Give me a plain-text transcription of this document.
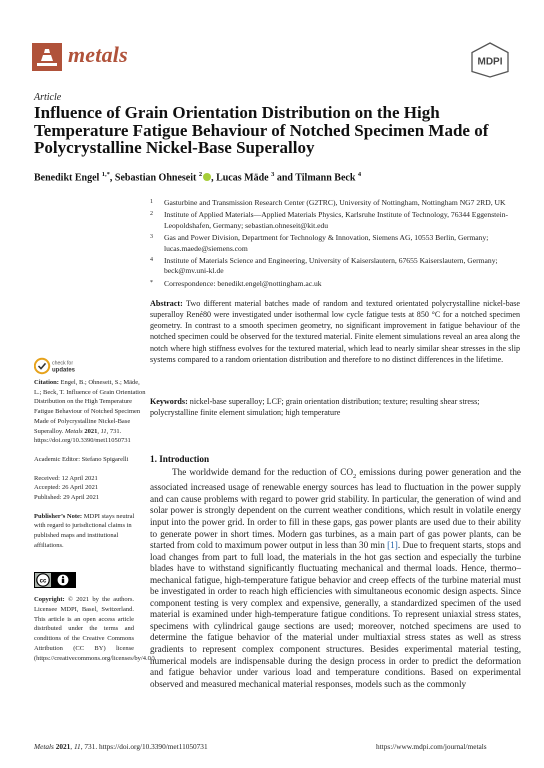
metals	MDPI
Article
Influence of Grain Orientation Distribution on the High Temperature Fatigue Behaviour of Notched Specimen Made of Polycrystalline Nickel-Base Superalloy
Benedikt Engel $^{1,*}$, Sebastian Ohneseit $^2$ , Lucas Mäde $^3$ and Tilmann Beck $^4$
1 Gasturbine and Transmission Research Center (G2TRC), University of Nottingham, Nottingham NG7 2RD, UK
2 Institute of Applied Materials—Applied Materials Physics, Karlsruhe Institute of Technology, 76344 Eggenstein-Leopoldshafen, Germany; sebastian.ohneseit@kit.edu
3 Gas and Power Division, Department for Technology & Innovation, Siemens AG, 10553 Berlin, Germany; lucas.maede@siemens.com
4 Institute of Materials Science and Engineering, University of Kaiserslautern, 67655 Kaiserslautern, Germany; beck@mv.uni-kl.de
* Correspondence: benedikt.engel@nottingham.ac.uk
Abstract: Two different material batches made of random and textured orientated polycrystalline nickel-base superalloy René80 were investigated under isothermal low cycle fatigue tests at 850 °C for a notched specimen geometry. In contrast to a smooth specimen geometry, no significant improvement in fatigue behaviour of the notched specimen could be observed for the textured material. Finite element simulations reveal an area along the notch where high stiffness evolves for the textured material, which lead to nearly similar shear stresses in the slip systems compared to a random orientation distribution and therefore to no distinct differences in the lifetime.
Keywords: nickel-base superalloy; LCF; grain orientation distribution; texture; resulting shear stress; polycrystalline finite element simulation; high temperature
check for
updates

Citation: Engel, B.; Ohneseit, S.; Mäde, L.; Beck, T. Influence of Grain Orientation Distribution on the High Temperature Fatigue Behaviour of Notched Specimen Made of Polycrystalline Nickel-Base Superalloy. Metals 2021, 11, 731. https://doi.org/10.3390/met11050731

Academic Editor: Stefano Spigarelli

Received: 12 April 2021
Accepted: 26 April 2021
Published: 29 April 2021

Publisher’s Note: MDPI stays neutral with regard to jurisdictional claims in published maps and institutional affiliations.

cc

Copyright: © 2021 by the authors. Licensee MDPI, Basel, Switzerland. This article is an open access article distributed under the terms and conditions of the Creative Commons Attribution (CC BY) license (https://creativecommons.org/licenses/by/4.0/).

1. Introduction

The worldwide demand for the reduction of $CO_2$ emissions during power generation and the associated increased usage of renewable energy sources has lead to fluctuation in the power supply and can cause problems with regard to power grid stability. In particular, the generation of wind and solar power is strongly dependent on the current weather conditions, which result in volatile energy input into the power grid. In order to fill in these gaps, gas power plants are used due to their ability to generate power in short times. Modern gas turbines, as a main part of gas power plants, can be started from cold to maximum power output in less than 30 min [1]. Due to frequent starts, stops and load changes from part to full load, the materials in the hot gas section and especially the turbine blades have to withstand significantly fluctuating mechanical and thermal loads. Hence, thermo–mechanical fatigue, high-temperature fatigue behavior and creep effects of the turbine material must be investigated in order to reach high efficiencies with simultaneous economic design aspects. Since component testing is very complex and expensive, generally, a standardized specimen of the used material is examined under high-temperature fatigue conditions. To represent uniaxial stress states, specimens with cylindrical gauge sections are used; moreover, notched specimens are used to determine the fatigue behavior of the material under multiaxial stress states as well as stress gradients to represent complex component structures. Besides experimental material testing, numerical models are indispensable during the design process in order to predict the deformation and fatigue behavior under various load and temperature conditions. Based on experimental observed and measured mechanical material responses, models such as the commonly

Metals 2021, 11, 731. https://doi.org/10.3390/met11050731	https://www.mdpi.com/journal/metals
